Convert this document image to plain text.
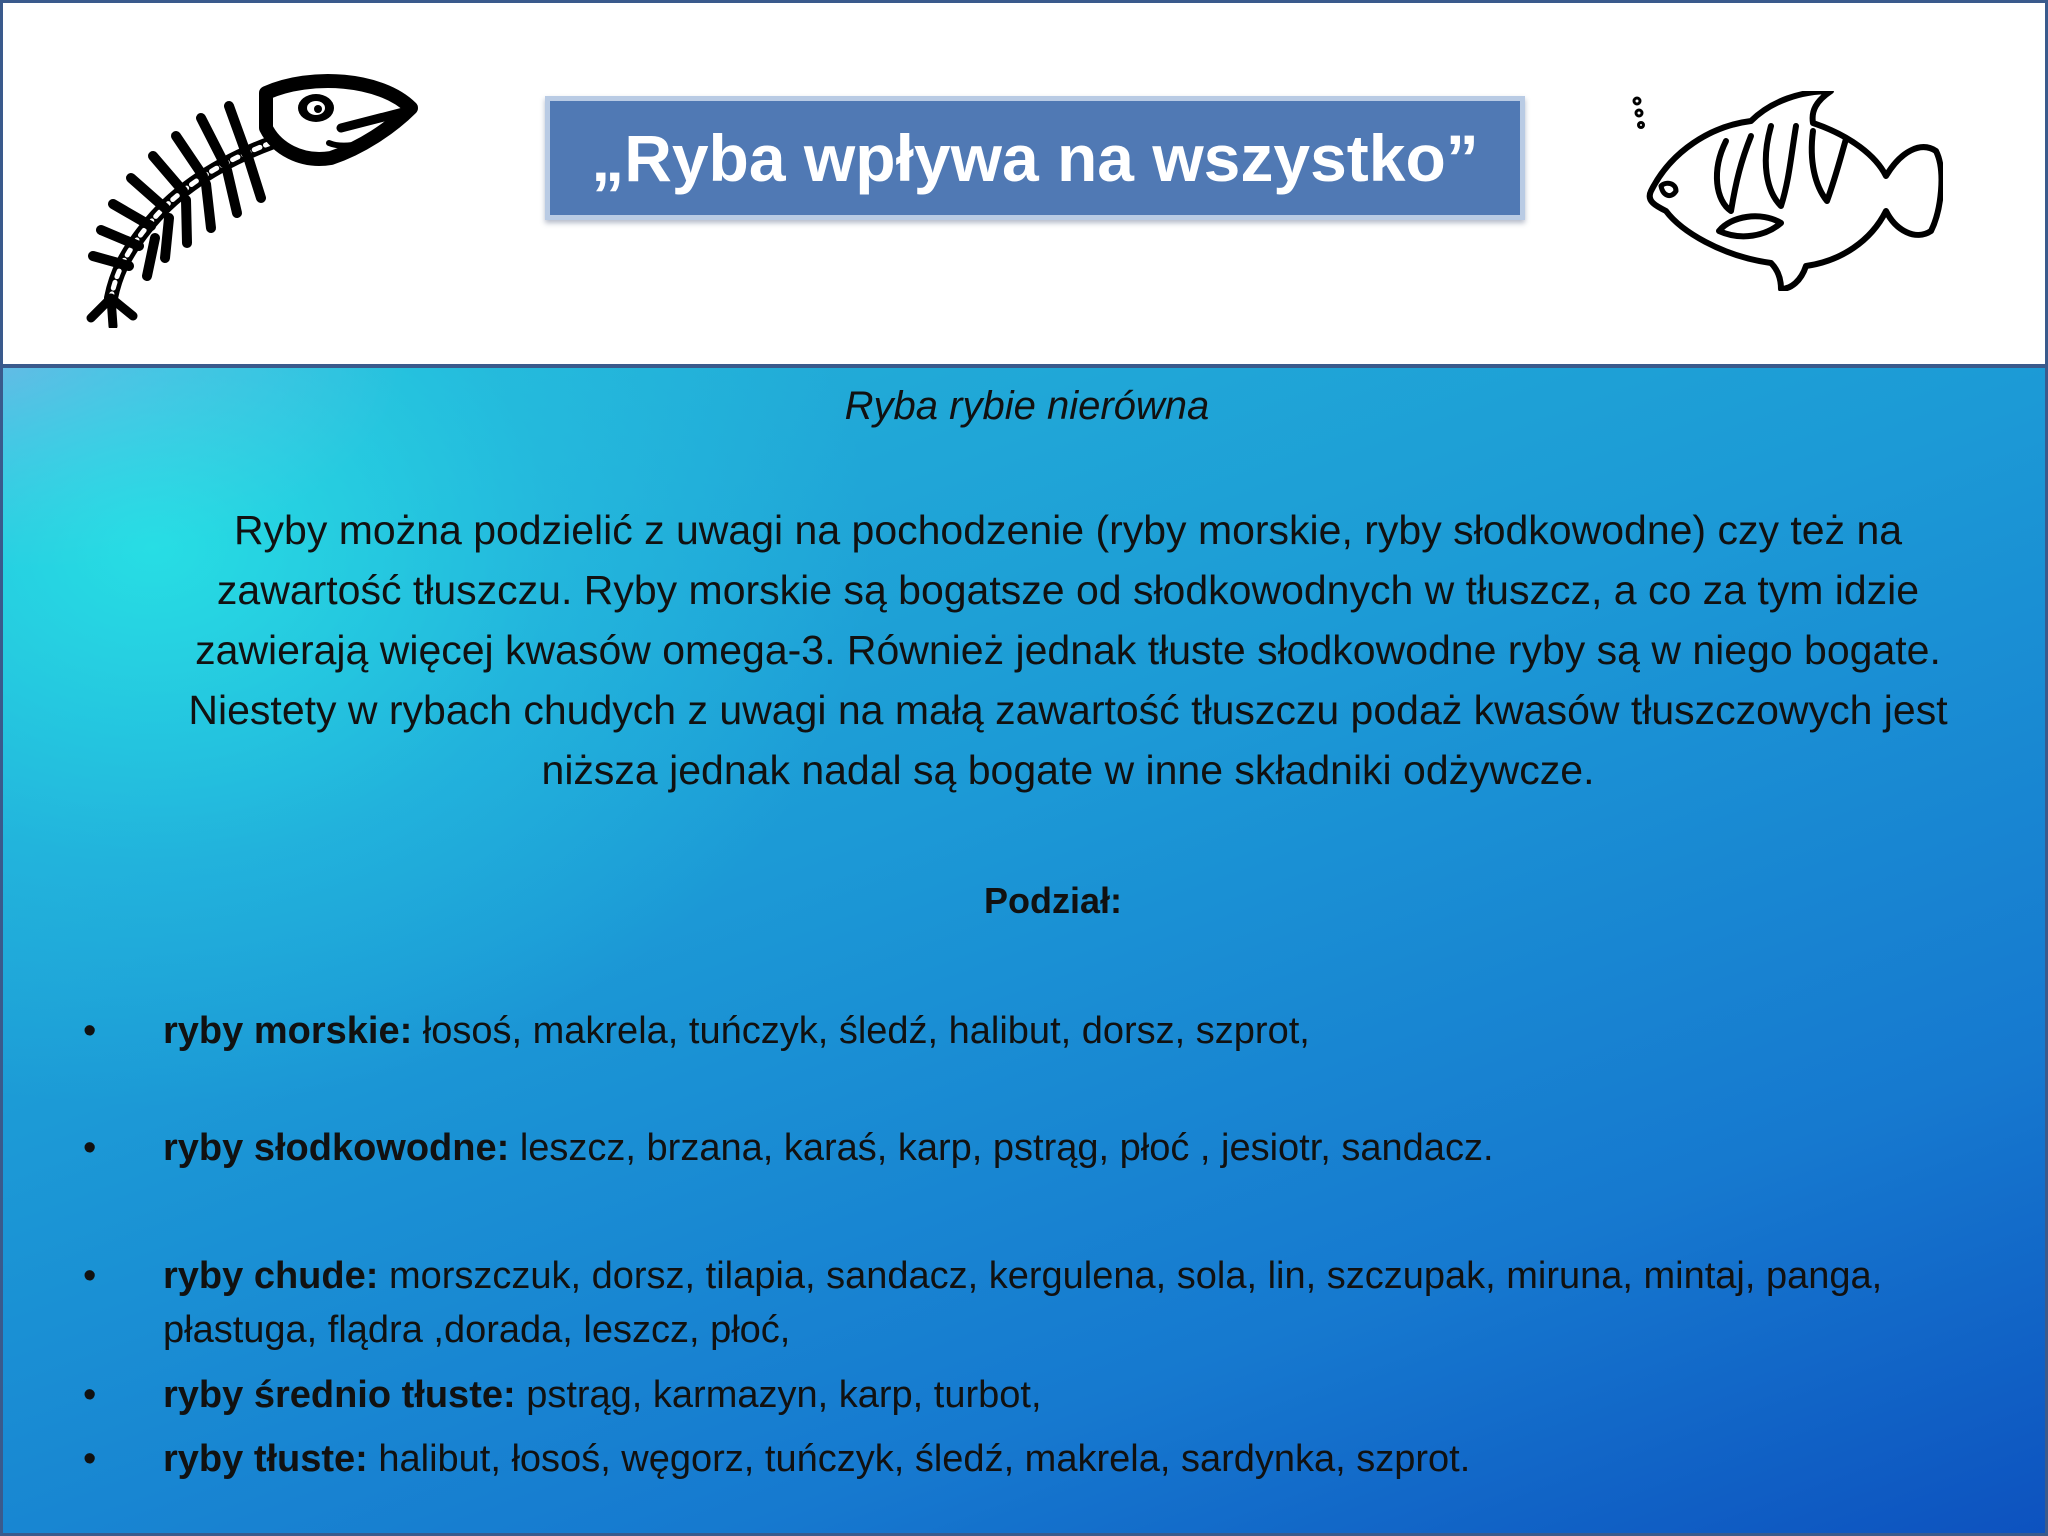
„Ryba wpływa na wszystko”
Ryba rybie nierówna
Ryby można podzielić z uwagi na pochodzenie (ryby morskie, ryby słodkowodne) czy też na zawartość tłuszczu. Ryby morskie są bogatsze od słodkowodnych w tłuszcz, a co za tym idzie zawierają więcej kwasów omega-3. Również jednak tłuste słodkowodne ryby są w niego bogate. Niestety w rybach chudych z uwagi na małą zawartość tłuszczu podaż kwasów tłuszczowych jest niższa jednak nadal są bogate w inne składniki odżywcze.
Podział:
•	ryby morskie: łosoś, makrela, tuńczyk, śledź, halibut, dorsz, szprot,
•	ryby słodkowodne: leszcz, brzana, karaś, karp, pstrąg, płoć , jesiotr, sandacz.
•	ryby chude: morszczuk, dorsz, tilapia, sandacz, kergulena, sola, lin, szczupak, miruna, mintaj, panga, płastuga, flądra ,dorada, leszcz, płoć,
•	ryby średnio tłuste: pstrąg, karmazyn, karp, turbot,
•	ryby tłuste: halibut, łosoś, węgorz, tuńczyk, śledź, makrela, sardynka, szprot.
